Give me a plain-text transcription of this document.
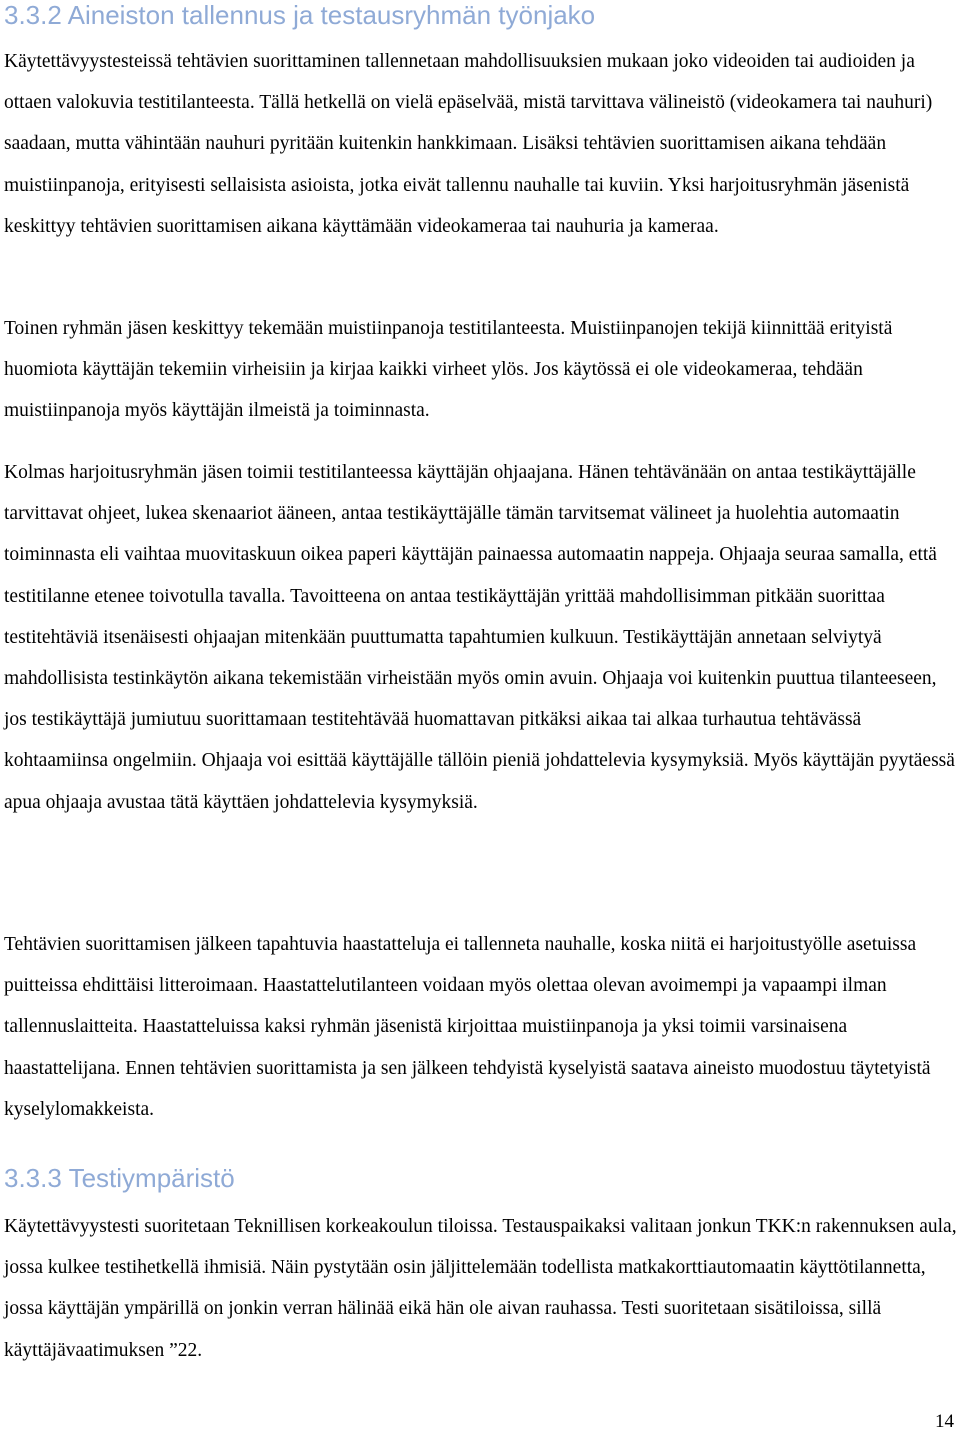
3.3.2 Aineiston tallennus ja testausryhmän työnjako

Käytettävyystesteissä tehtävien suorittaminen tallennetaan mahdollisuuksien mukaan joko videoiden tai audioiden ja ottaen valokuvia testitilanteesta. Tällä hetkellä on vielä epäselvää, mistä tarvittava välineistö (videokamera tai nauhuri) saadaan, mutta vähintään nauhuri pyritään kuitenkin hankkimaan. Lisäksi tehtävien suorittamisen aikana tehdään muistiinpanoja, erityisesti sellaisista asioista, jotka eivät tallennu nauhalle tai kuviin. Yksi harjoitusryhmän jäsenistä keskittyy tehtävien suorittamisen aikana käyttämään videokameraa tai nauhuria ja kameraa.

Toinen ryhmän jäsen keskittyy tekemään muistiinpanoja testitilanteesta. Muistiinpanojen tekijä kiinnittää erityistä huomiota käyttäjän tekemiin virheisiin ja kirjaa kaikki virheet ylös. Jos käytössä ei ole videokameraa, tehdään muistiinpanoja myös käyttäjän ilmeistä ja toiminnasta.

Kolmas harjoitusryhmän jäsen toimii testitilanteessa käyttäjän ohjaajana. Hänen tehtävänään on antaa testikäyttäjälle tarvittavat ohjeet, lukea skenaariot ääneen, antaa testikäyttäjälle tämän tarvitsemat välineet ja huolehtia automaatin toiminnasta eli vaihtaa muovitaskuun oikea paperi käyttäjän painaessa automaatin nappeja. Ohjaaja seuraa samalla, että testitilanne etenee toivotulla tavalla. Tavoitteena on antaa testikäyttäjän yrittää mahdollisimman pitkään suorittaa testitehtäviä itsenäisesti ohjaajan mitenkään puuttumatta tapahtumien kulkuun. Testikäyttäjän annetaan selviytyä mahdollisista testinkäytön aikana tekemistään virheistään myös omin avuin. Ohjaaja voi kuitenkin puuttua tilanteeseen, jos testikäyttäjä jumiutuu suorittamaan testitehtävää huomattavan pitkäksi aikaa tai alkaa turhautua tehtävässä kohtaamiinsa ongelmiin. Ohjaaja voi esittää käyttäjälle tällöin pieniä johdattelevia kysymyksiä. Myös käyttäjän pyytäessä apua ohjaaja avustaa tätä käyttäen johdattelevia kysymyksiä.

Tehtävien suorittamisen jälkeen tapahtuvia haastatteluja ei tallenneta nauhalle, koska niitä ei harjoitustyölle asetuissa puitteissa ehdittäisi litteroimaan. Haastattelutilanteen voidaan myös olettaa olevan avoimempi ja vapaampi ilman tallennuslaitteita. Haastatteluissa kaksi ryhmän jäsenistä kirjoittaa muistiinpanoja ja yksi toimii varsinaisena haastattelijana. Ennen tehtävien suorittamista ja sen jälkeen tehdyistä kyselyistä saatava aineisto muodostuu täytetyistä kyselylomakkeista.

3.3.3 Testiympäristö

Käytettävyystesti suoritetaan Teknillisen korkeakoulun tiloissa. Testauspaikaksi valitaan jonkun TKK:n rakennuksen aula, jossa kulkee testihetkellä ihmisiä. Näin pystytään osin jäljittelemään todellista matkakorttiautomaatin käyttötilannetta, jossa käyttäjän ympärillä on jonkin verran hälinää eikä hän ole aivan rauhassa. Testi suoritetaan sisätiloissa, sillä käyttäjävaatimuksen ”22.

14
